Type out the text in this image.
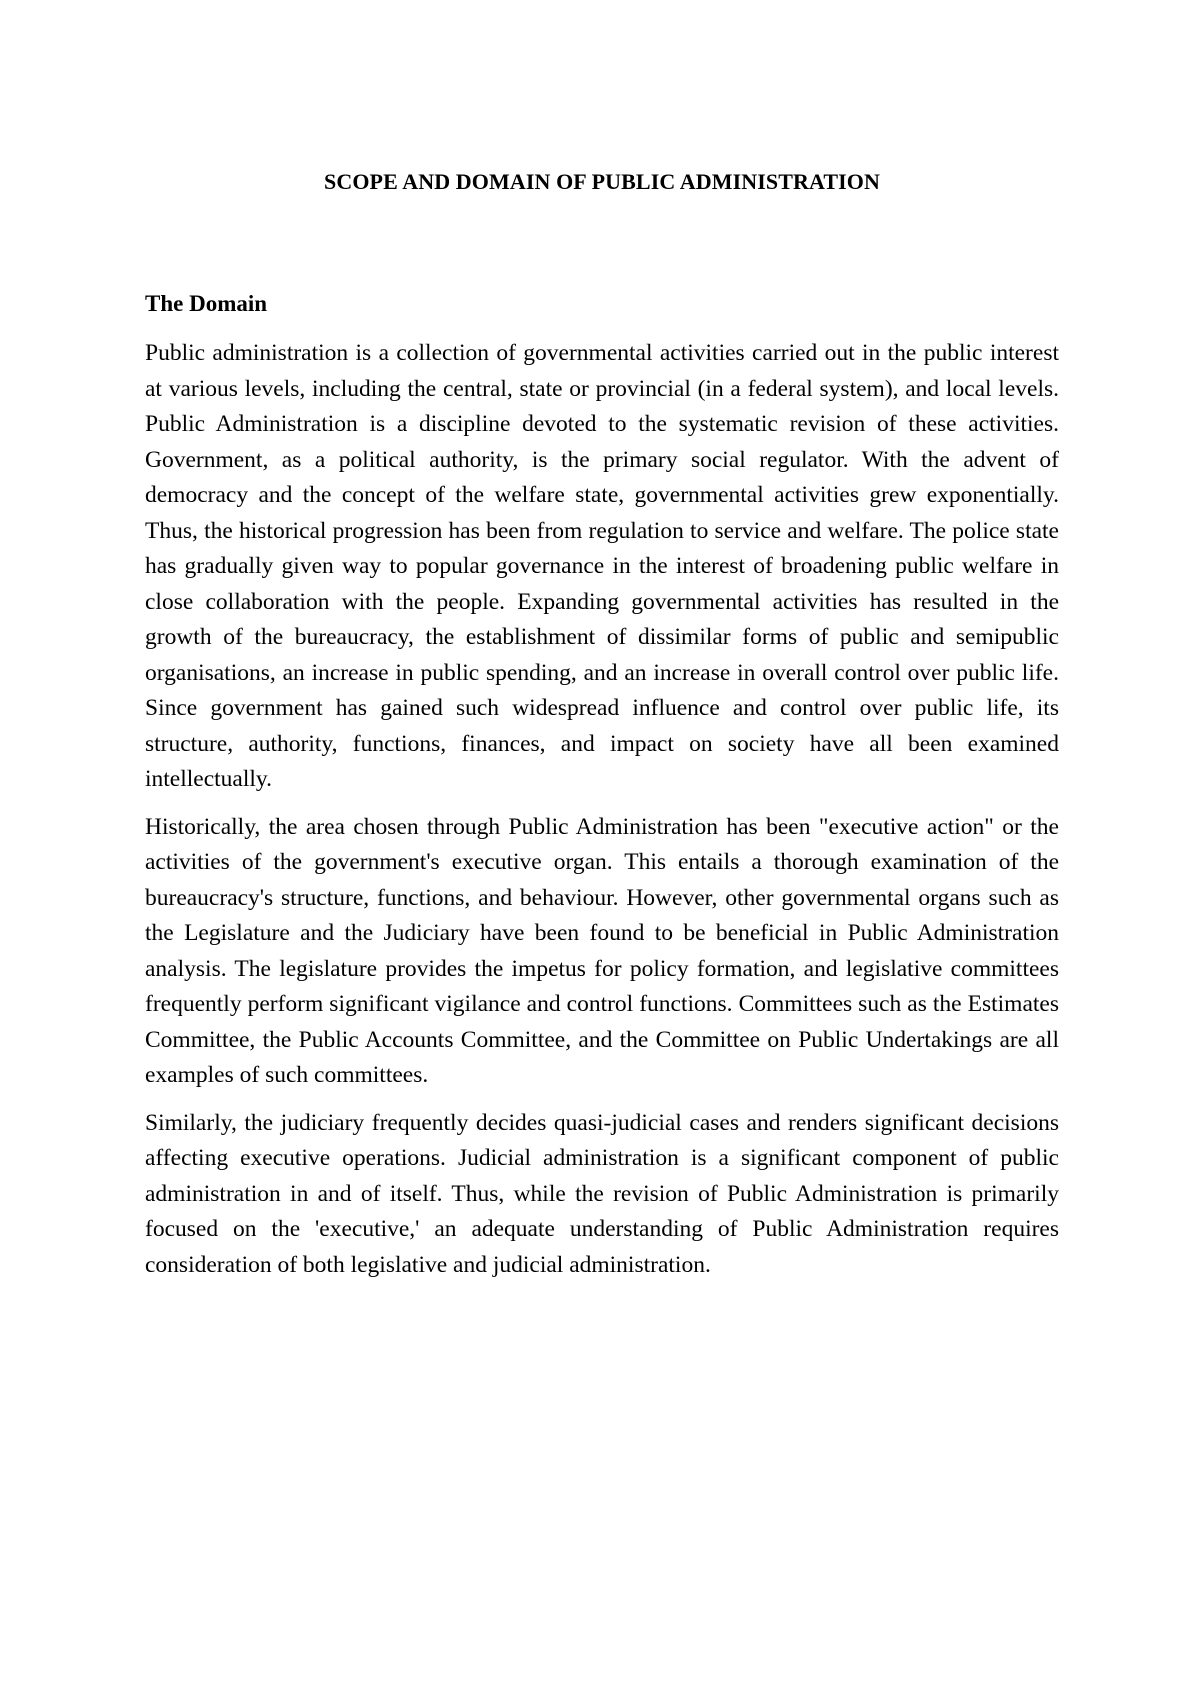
SCOPE AND DOMAIN OF PUBLIC ADMINISTRATION
The Domain

Public administration is a collection of governmental activities carried out in the public interest at various levels, including the central, state or provincial (in a federal system), and local levels. Public Administration is a discipline devoted to the systematic revision of these activities. Government, as a political authority, is the primary social regulator. With the advent of democracy and the concept of the welfare state, governmental activities grew exponentially. Thus, the historical progression has been from regulation to service and welfare. The police state has gradually given way to popular governance in the interest of broadening public welfare in close collaboration with the people. Expanding governmental activities has resulted in the growth of the bureaucracy, the establishment of dissimilar forms of public and semipublic organisations, an increase in public spending, and an increase in overall control over public life. Since government has gained such widespread influence and control over public life, its structure, authority, functions, finances, and impact on society have all been examined intellectually.

Historically, the area chosen through Public Administration has been "executive action" or the activities of the government's executive organ. This entails a thorough examination of the bureaucracy's structure, functions, and behaviour. However, other governmental organs such as the Legislature and the Judiciary have been found to be beneficial in Public Administration analysis. The legislature provides the impetus for policy formation, and legislative committees frequently perform significant vigilance and control functions. Committees such as the Estimates Committee, the Public Accounts Committee, and the Committee on Public Undertakings are all examples of such committees.

Similarly, the judiciary frequently decides quasi-judicial cases and renders significant decisions affecting executive operations. Judicial administration is a significant component of public administration in and of itself. Thus, while the revision of Public Administration is primarily focused on the 'executive,' an adequate understanding of Public Administration requires consideration of both legislative and judicial administration.
